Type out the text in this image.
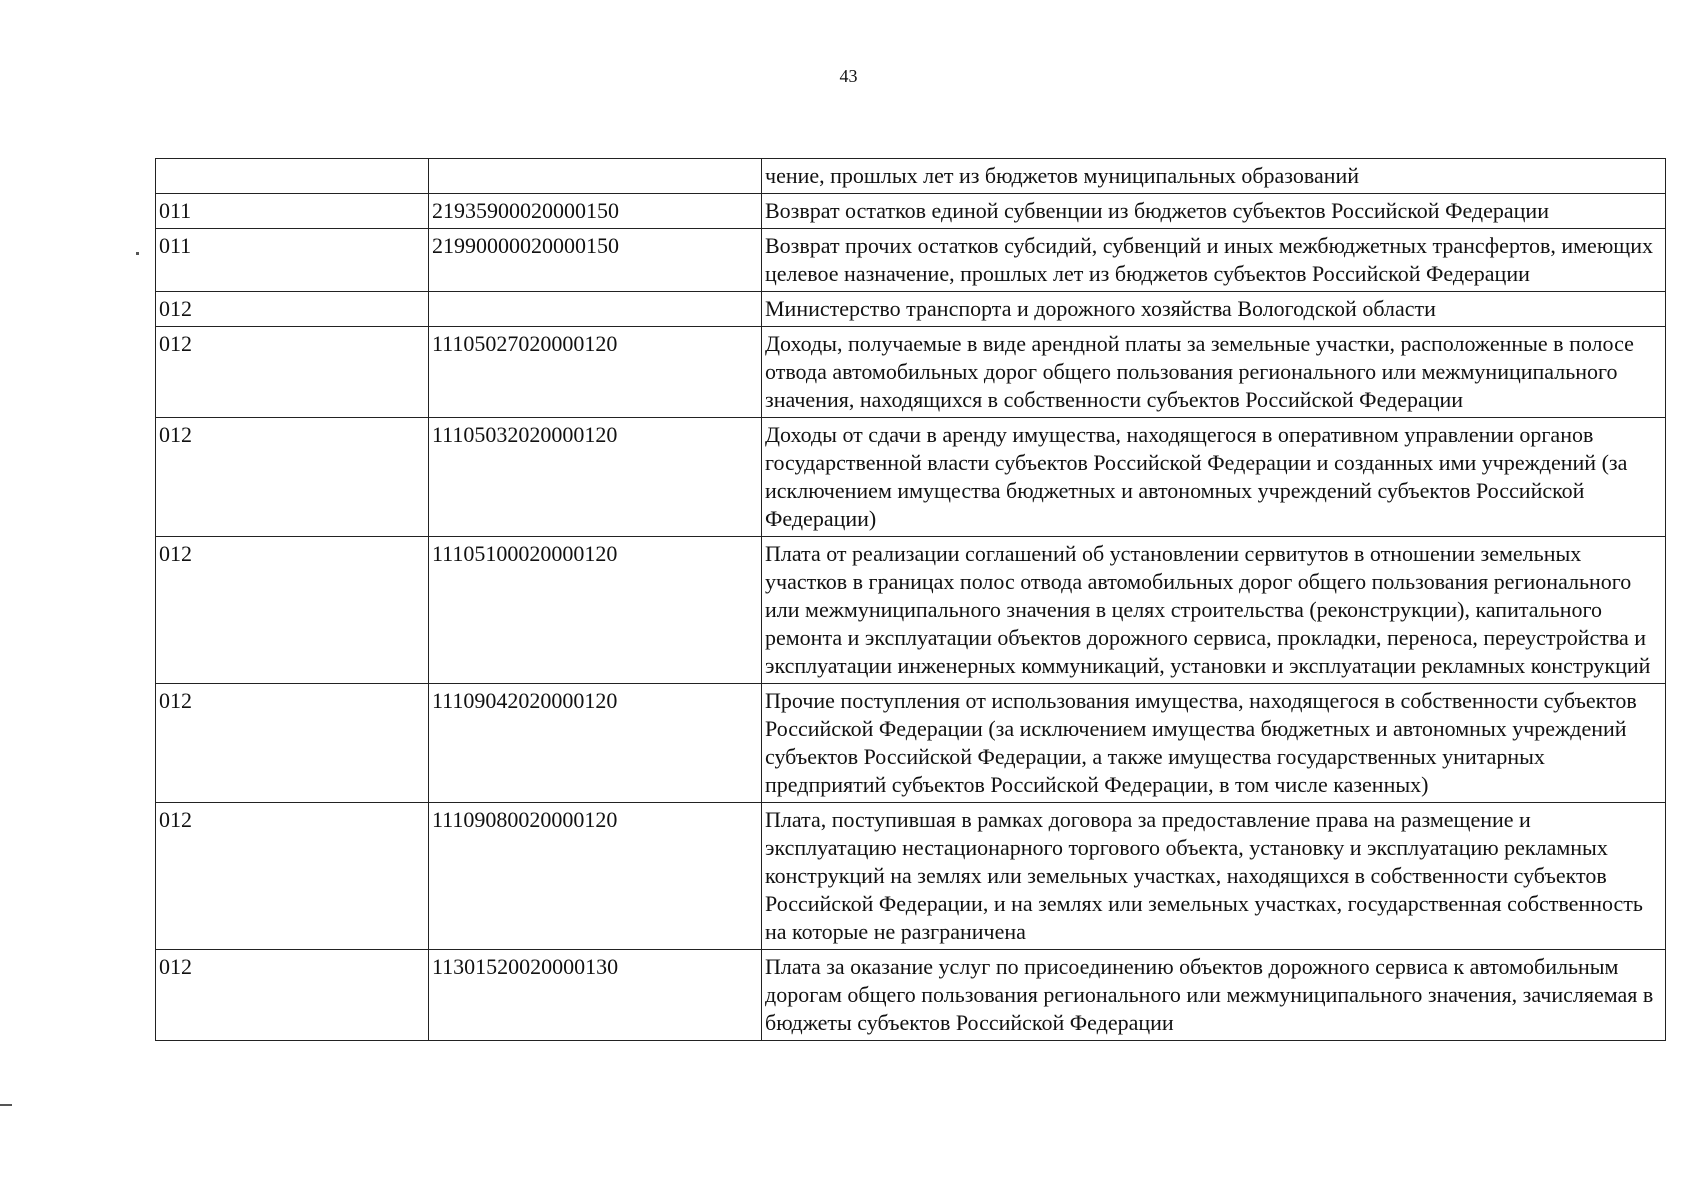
43
		чение, прошлых лет из бюджетов муниципальных образований
011	21935900020000150	Возврат остатков единой субвенции из бюджетов субъектов Российской Федерации
011	21990000020000150	Возврат прочих остатков субсидий, субвенций и иных межбюджетных трансфертов, имеющих целевое назначение, прошлых лет из бюджетов субъектов Российской Федерации
012		Министерство транспорта и дорожного хозяйства Вологодской области
012	11105027020000120	Доходы, получаемые в виде арендной платы за земельные участки, расположенные в полосе отвода автомобильных дорог общего пользования регионального или межмуниципального значения, находящихся в собственности субъектов Российской Федерации
012	11105032020000120	Доходы от сдачи в аренду имущества, находящегося в оперативном управлении органов государственной власти субъектов Российской Федерации и созданных ими учреждений (за исключением имущества бюджетных и автономных учреждений субъектов Российской Федерации)
012	11105100020000120	Плата от реализации соглашений об установлении сервитутов в отношении земельных участков в границах полос отвода автомобильных дорог общего пользования регионального или межмуниципального значения в целях строительства (реконструкции), капитального ремонта и эксплуатации объектов дорожного сервиса, прокладки, переноса, переустройства и эксплуатации инженерных коммуникаций, установки и эксплуатации рекламных конструкций
012	11109042020000120	Прочие поступления от использования имущества, находящегося в собственности субъектов Российской Федерации (за исключением имущества бюджетных и автономных учреждений субъектов Российской Федерации, а также имущества государственных унитарных предприятий субъектов Российской Федерации, в том числе казенных)
012	11109080020000120	Плата, поступившая в рамках договора за предоставление права на размещение и эксплуатацию нестационарного торгового объекта, установку и эксплуатацию рекламных конструкций на землях или земельных участках, находящихся в собственности субъектов Российской Федерации, и на землях или земельных участках, государственная собственность на которые не разграничена
012	11301520020000130	Плата за оказание услуг по присоединению объектов дорожного сервиса к автомобильным дорогам общего пользования регионального или межмуниципального значения, зачисляемая в бюджеты субъектов Российской Федерации
